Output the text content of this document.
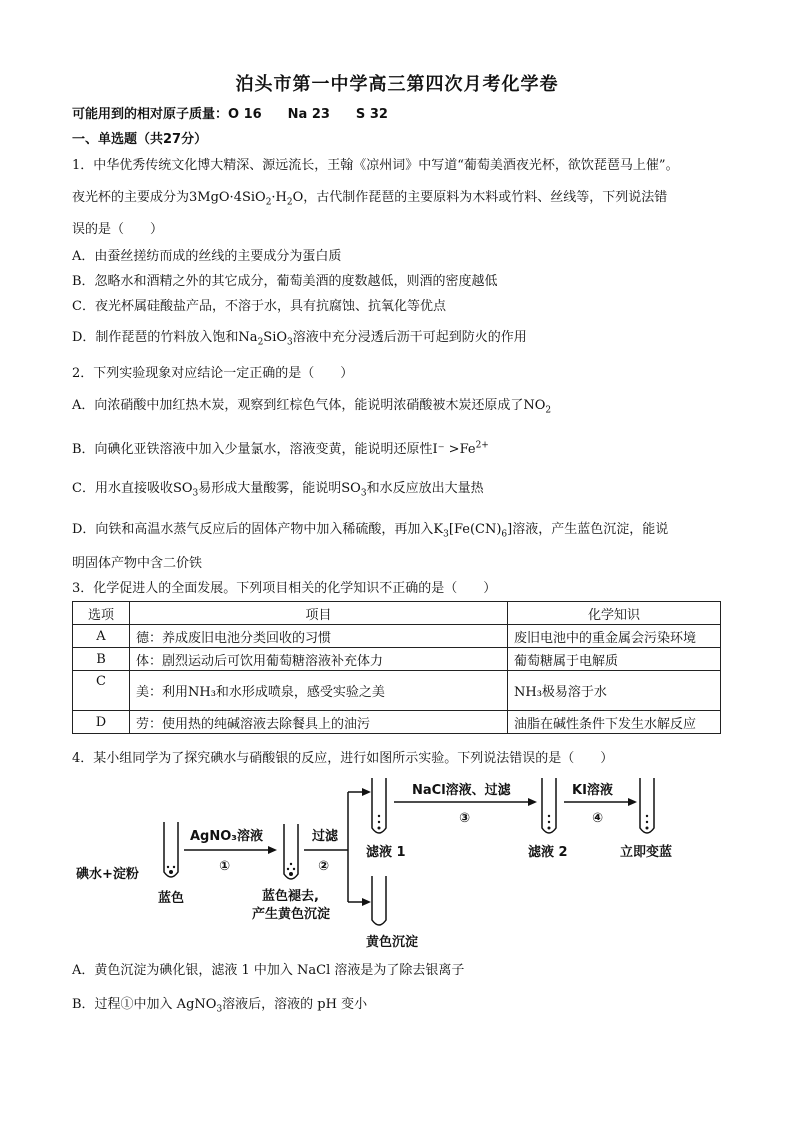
泊头市第一中学高三第四次月考化学卷
可能用到的相对原子质量：O 16　　Na 23　　S 32
一、单选题（共27分）
1．中华优秀传统文化博大精深、源远流长，王翰《凉州词》中写道“葡萄美酒夜光杯，欲饮琵琶马上催”。
夜光杯的主要成分为$3MgO\cdot 4SiO_2\cdot H_2O$，古代制作琵琶的主要原料为木料或竹料、丝线等，下列说法错
误的是（　　）
A．由蚕丝搓纺而成的丝线的主要成分为蛋白质
B．忽略水和酒精之外的其它成分，葡萄美酒的度数越低，则酒的密度越低
C．夜光杯属硅酸盐产品，不溶于水，具有抗腐蚀、抗氧化等优点
D．制作琵琶的竹料放入饱和$Na_2SiO_3$溶液中充分浸透后沥干可起到防火的作用
2．下列实验现象对应结论一定正确的是（　　）
A．向浓硝酸中加红热木炭，观察到红棕色气体，能说明浓硝酸被木炭还原成了$NO_2$
B．向碘化亚铁溶液中加入少量氯水，溶液变黄，能说明还原性$I^- >Fe^{2+}$
C．用水直接吸收$SO_3$易形成大量酸雾，能说明$SO_3$和水反应放出大量热
D．向铁和高温水蒸气反应后的固体产物中加入稀硫酸，再加入$K_3[Fe(CN)_6]$溶液，产生蓝色沉淀，能说
明固体产物中含二价铁
3．化学促进人的全面发展。下列项目相关的化学知识不正确的是（　　）
选项	项目	化学知识
A	德：养成废旧电池分类回收的习惯	废旧电池中的重金属会污染环境
B	体：剧烈运动后可饮用葡萄糖溶液补充体力	葡萄糖属于电解质
C	美：利用NH₃和水形成喷泉，感受实验之美	NH₃极易溶于水
D	劳：使用热的纯碱溶液去除餐具上的油污	油脂在碱性条件下发生水解反应
4．某小组同学为了探究碘水与硝酸银的反应，进行如图所示实验。下列说法错误的是（　　）
碘水+淀粉
蓝色
AgNO₃溶液
①
蓝色褪去,
产生黄色沉淀
过滤
②
滤液 1
黄色沉淀
NaCl溶液、过滤
③
滤液 2
KI溶液
④
立即变蓝
A．黄色沉淀为碘化银，滤液 1 中加入 NaCl 溶液是为了除去银离子
B．过程①中加入 AgNO$_3$溶液后，溶液的 pH 变小
